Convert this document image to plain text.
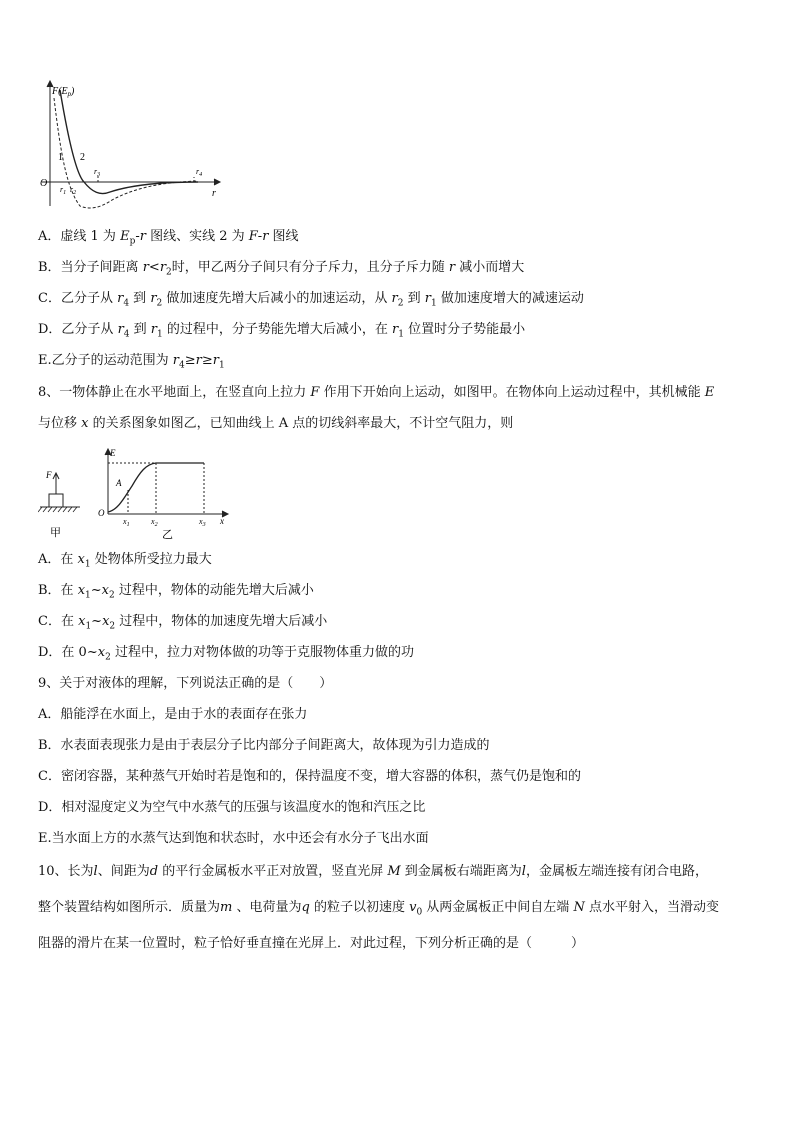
$F(E_p)$
1 2
O
r
$r_1$ $r_2$
$r_3$	$r_4$
A．虚线 1 为 $E_p-r$ 图线、实线 2 为 F-r 图线
B．当分子间距离 $r<r_2$时，甲乙两分子间只有分子斥力，且分子斥力随 r 减小而增大
C．乙分子从 $r_4$ 到 $r_2$ 做加速度先增大后减小的加速运动，从 $r_2$ 到 $r_1$ 做加速度增大的减速运动
D．乙分子从 $r_4$ 到 $r_1$ 的过程中，分子势能先增大后减小，在 $r_1$ 位置时分子势能最小
E.乙分子的运动范围为 $r_4\ge r\ge r_1$
8、一物体静止在水平地面上，在竖直向上拉力 F 作用下开始向上运动，如图甲。在物体向上运动过程中，其机械能 E
与位移 x 的关系图象如图乙，已知曲线上 A 点的切线斜率最大，不计空气阻力，则
F
甲
E
A
O
x
$x_1$	$x_2$	$x_3$
乙
A．在 $x_1$ 处物体所受拉力最大
B．在 $x_1\sim x_2$ 过程中，物体的动能先增大后减小
C．在 $x_1\sim x_2$ 过程中，物体的加速度先增大后减小
D．在 $0\sim x_2$ 过程中，拉力对物体做的功等于克服物体重力做的功
9、关于对液体的理解，下列说法正确的是（　　）
A．船能浮在水面上，是由于水的表面存在张力
B．水表面表现张力是由于表层分子比内部分子间距离大，故体现为引力造成的
C．密闭容器，某种蒸气开始时若是饱和的，保持温度不变，增大容器的体积，蒸气仍是饱和的
D．相对湿度定义为空气中水蒸气的压强与该温度水的饱和汽压之比
E.当水面上方的水蒸气达到饱和状态时，水中还会有水分子飞出水面
10、长为l、间距为d 的平行金属板水平正对放置，竖直光屏 M 到金属板右端距离为l，金属板左端连接有闭合电路，
整个装置结构如图所示．质量为m 、电荷量为q 的粒子以初速度 $v_0$ 从两金属板正中间自左端 N 点水平射入，当滑动变
阻器的滑片在某一位置时，粒子恰好垂直撞在光屏上．对此过程，下列分析正确的是（　　　）
